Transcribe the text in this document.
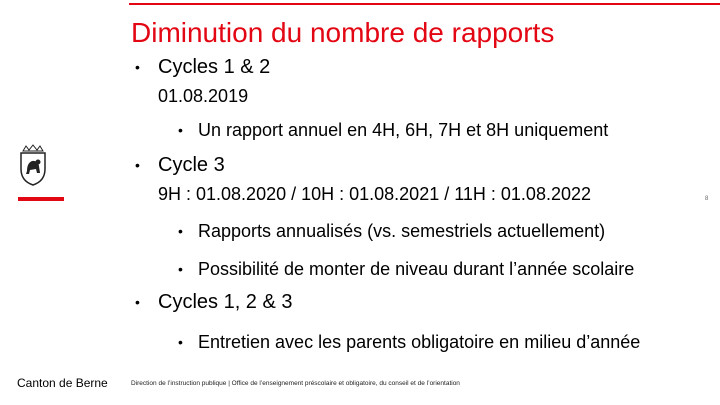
Diminution du nombre de rapports
• Cycles 1 & 2
01.08.2019
• Un rapport annuel en 4H, 6H, 7H et 8H uniquement
• Cycle 3
9H : 01.08.2020 / 10H : 01.08.2021 / 11H : 01.08.2022
• Rapports annualisés (vs. semestriels actuellement)
• Possibilité de monter de niveau durant l’année scolaire
• Cycles 1, 2 & 3
• Entretien avec les parents obligatoire en milieu d’année
8
Canton de Berne	Direction de l’instruction publique | Office de l’enseignement préscolaire et obligatoire, du conseil et de l’orientation
